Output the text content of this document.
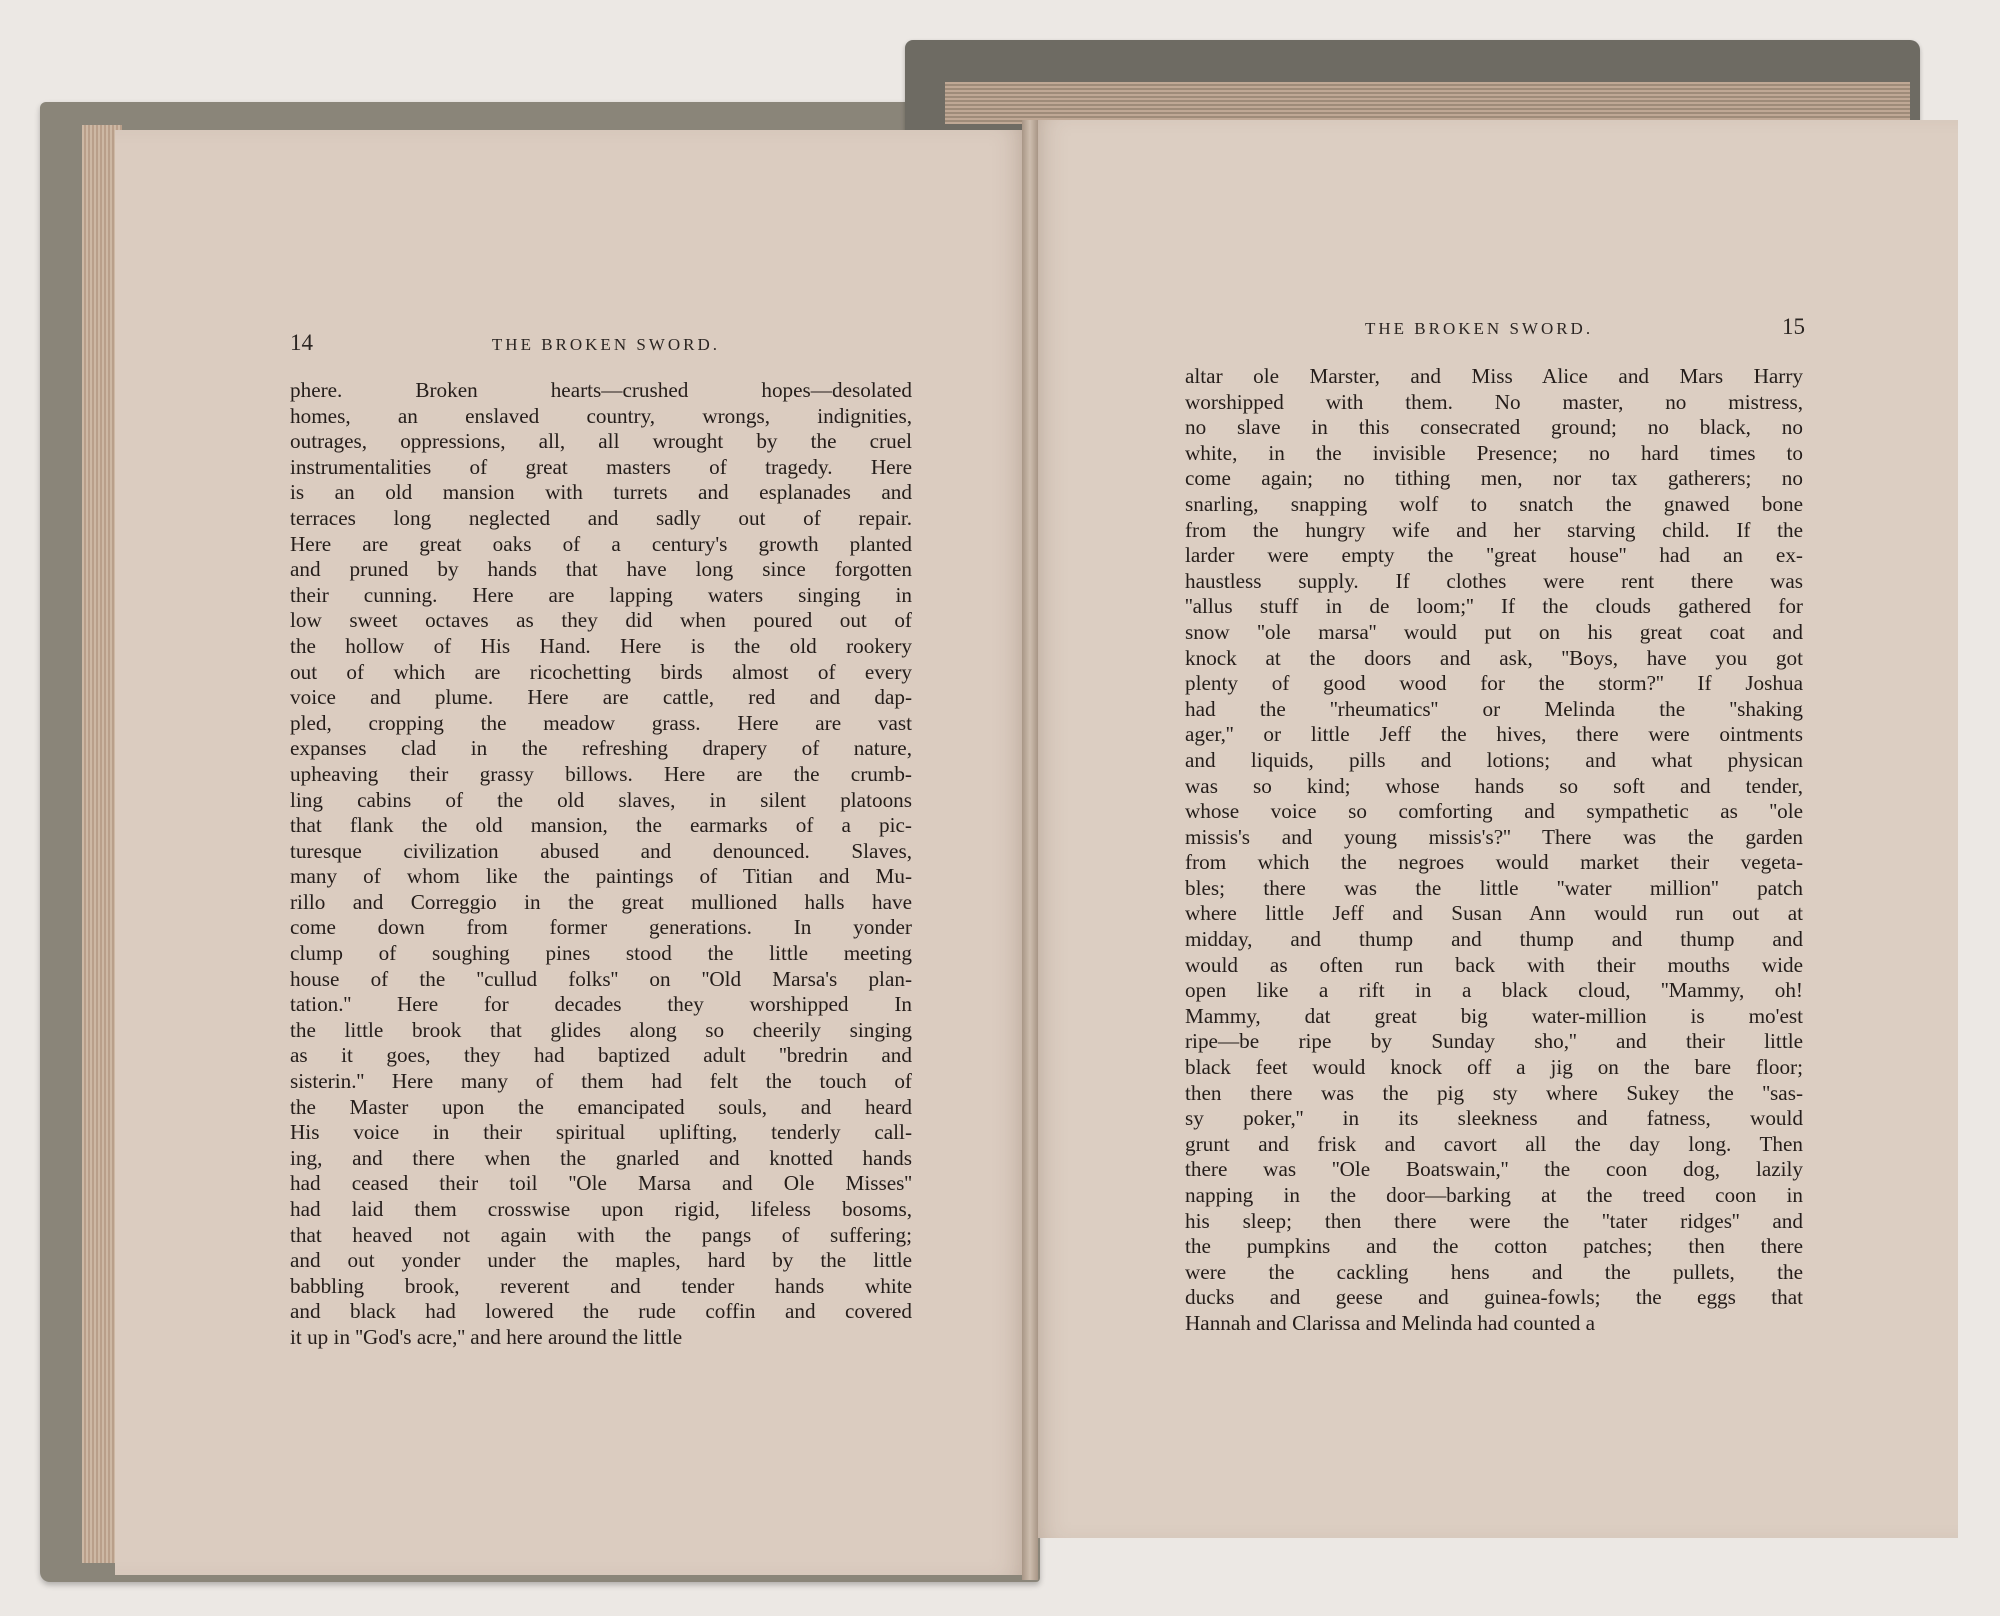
14	THE BROKEN SWORD.
THE BROKEN SWORD.	15
phere. Broken hearts—crushed hopes—desolated
homes, an enslaved country, wrongs, indignities,
outrages, oppressions, all, all wrought by the cruel
instrumentalities of great masters of tragedy. Here
is an old mansion with turrets and esplanades and
terraces long neglected and sadly out of repair.
Here are great oaks of a century's growth planted
and pruned by hands that have long since forgotten
their cunning. Here are lapping waters singing in
low sweet octaves as they did when poured out of
the hollow of His Hand. Here is the old rookery
out of which are ricochetting birds almost of every
voice and plume. Here are cattle, red and dap-
pled, cropping the meadow grass. Here are vast
expanses clad in the refreshing drapery of nature,
upheaving their grassy billows. Here are the crumb-
ling cabins of the old slaves, in silent platoons
that flank the old mansion, the earmarks of a pic-
turesque civilization abused and denounced. Slaves,
many of whom like the paintings of Titian and Mu-
rillo and Correggio in the great mullioned halls have
come down from former generations. In yonder
clump of soughing pines stood the little meeting
house of the ''cullud folks'' on ''Old Marsa's plan-
tation.'' Here for decades they worshipped In
the little brook that glides along so cheerily singing
as it goes, they had baptized adult ''bredrin and
sisterin.'' Here many of them had felt the touch of
the Master upon the emancipated souls, and heard
His voice in their spiritual uplifting, tenderly call-
ing, and there when the gnarled and knotted hands
had ceased their toil ''Ole Marsa and Ole Misses''
had laid them crosswise upon rigid, lifeless bosoms,
that heaved not again with the pangs of suffering;
and out yonder under the maples, hard by the little
babbling brook, reverent and tender hands white
and black had lowered the rude coffin and covered
it up in ''God's acre,'' and here around the little
altar ole Marster, and Miss Alice and Mars Harry
worshipped with them. No master, no mistress,
no slave in this consecrated ground; no black, no
white, in the invisible Presence; no hard times to
come again; no tithing men, nor tax gatherers; no
snarling, snapping wolf to snatch the gnawed bone
from the hungry wife and her starving child. If the
larder were empty the ''great house'' had an ex-
haustless supply. If clothes were rent there was
''allus stuff in de loom;'' If the clouds gathered for
snow ''ole marsa'' would put on his great coat and
knock at the doors and ask, ''Boys, have you got
plenty of good wood for the storm?'' If Joshua
had the ''rheumatics'' or Melinda the ''shaking
ager,'' or little Jeff the hives, there were ointments
and liquids, pills and lotions; and what physican
was so kind; whose hands so soft and tender,
whose voice so comforting and sympathetic as ''ole
missis's and young missis's?'' There was the garden
from which the negroes would market their vegeta-
bles; there was the little ''water million'' patch
where little Jeff and Susan Ann would run out at
midday, and thump and thump and thump and
would as often run back with their mouths wide
open like a rift in a black cloud, ''Mammy, oh!
Mammy, dat great big water-million is mo'est
ripe—be ripe by Sunday sho,'' and their little
black feet would knock off a jig on the bare floor;
then there was the pig sty where Sukey the ''sas-
sy poker,'' in its sleekness and fatness, would
grunt and frisk and cavort all the day long. Then
there was ''Ole Boatswain,'' the coon dog, lazily
napping in the door—barking at the treed coon in
his sleep; then there were the ''tater ridges'' and
the pumpkins and the cotton patches; then there
were the cackling hens and the pullets, the
ducks and geese and guinea-fowls; the eggs that
Hannah and Clarissa and Melinda had counted a
